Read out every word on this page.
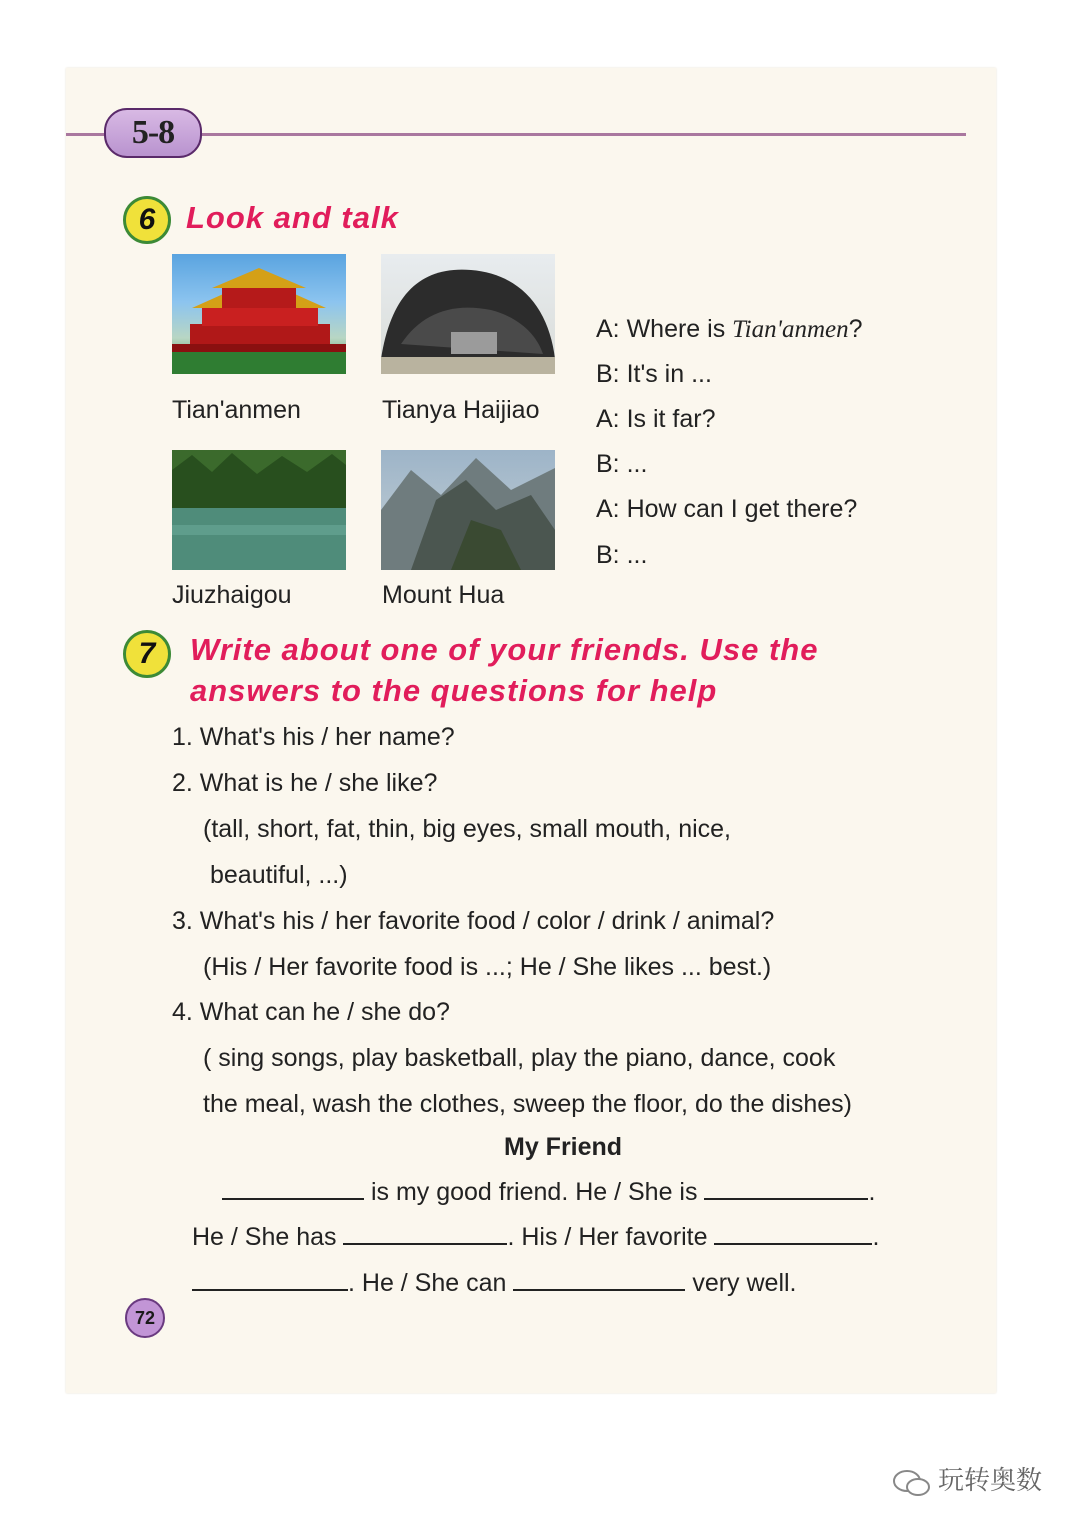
5-8
6 Look and talk
Tian'anmen	Tianya Haijiao
Jiuzhaigou	Mount Hua
A: Where is Tian'anmen?
B: It's in ...
A: Is it far?
B: ...
A: How can I get there?
B: ...
7	Write about one of your friends. Use the
answers to the questions for help
1. What's his / her name?
2. What is he / she like?
(tall, short, fat, thin, big eyes, small mouth, nice,
beautiful, ...)
3. What's his / her favorite food / color / drink / animal?
(His / Her favorite food is ...; He / She likes ... best.)
4. What can he / she do?
( sing songs, play basketball, play the piano, dance, cook
the meal, wash the clothes, sweep the floor, do the dishes)
My Friend
is my good friend. He / She is	.
He / She has	. His / Her favorite	.
. He / She can	very well.
72
玩转奥数
